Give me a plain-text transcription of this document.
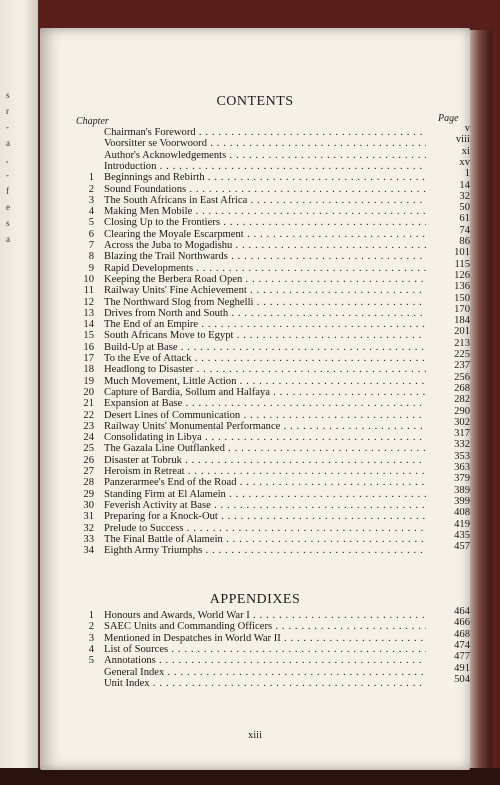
s
r
-
a
,
-
f
e
s
a
CONTENTS
Chapter	Page
Chairman's Foreword . . .	v
Voorsitter se Voorwoord . . .	viii
Author's Acknowledgements . . .	xi
Introduction . . .	xv
1 Beginnings and Rebirth . . .	1
2 Sound Foundations . . .	14
3 The South Africans in East Africa . . .	32
4 Making Men Mobile . . .	50
5 Closing Up to the Frontiers . . .	61
6 Clearing the Moyale Escarpment . . .	74
7 Across the Juba to Mogadishu . . .	86
8 Blazing the Trail Northwards . . .	101
9 Rapid Developments . . .	115
10 Keeping the Berbera Road Open . . .	126
11 Railway Units' Fine Achievement . . .	136
12 The Northward Slog from Neghelli . . .	150
13 Drives from North and South . . .	170
14 The End of an Empire . . .	184
15 South Africans Move to Egypt . . .	201
16 Build-Up at Base . . .	213
17 To the Eve of Attack . . .	225
18 Headlong to Disaster . . .	237
19 Much Movement, Little Action . . .	256
20 Capture of Bardia, Sollum and Halfaya . . .	268
21 Expansion at Base . . .	282
22 Desert Lines of Communication . . .	290
23 Railway Units' Monumental Performance . . .	302
24 Consolidating in Libya . . .	317
25 The Gazala Line Outflanked . . .	332
26 Disaster at Tobruk . . .	353
27 Heroism in Retreat . . .	363
28 Panzerarmee's End of the Road . . .	379
29 Standing Firm at El Alamein . . .	389
30 Feverish Activity at Base . . .	399
31 Preparing for a Knock-Out . . .	408
32 Prelude to Success . . .	419
33 The Final Battle of Alamein . . .	435
34 Eighth Army Triumphs . . .	457
APPENDIXES
1 Honours and Awards, World War I . . .	464
2 SAEC Units and Commanding Officers . . .	466
3 Mentioned in Despatches in World War II . . .	468
4 List of Sources . . .	474
5 Annotations . . .	477
General Index . . .	491
Unit Index . . .	504
xiii
